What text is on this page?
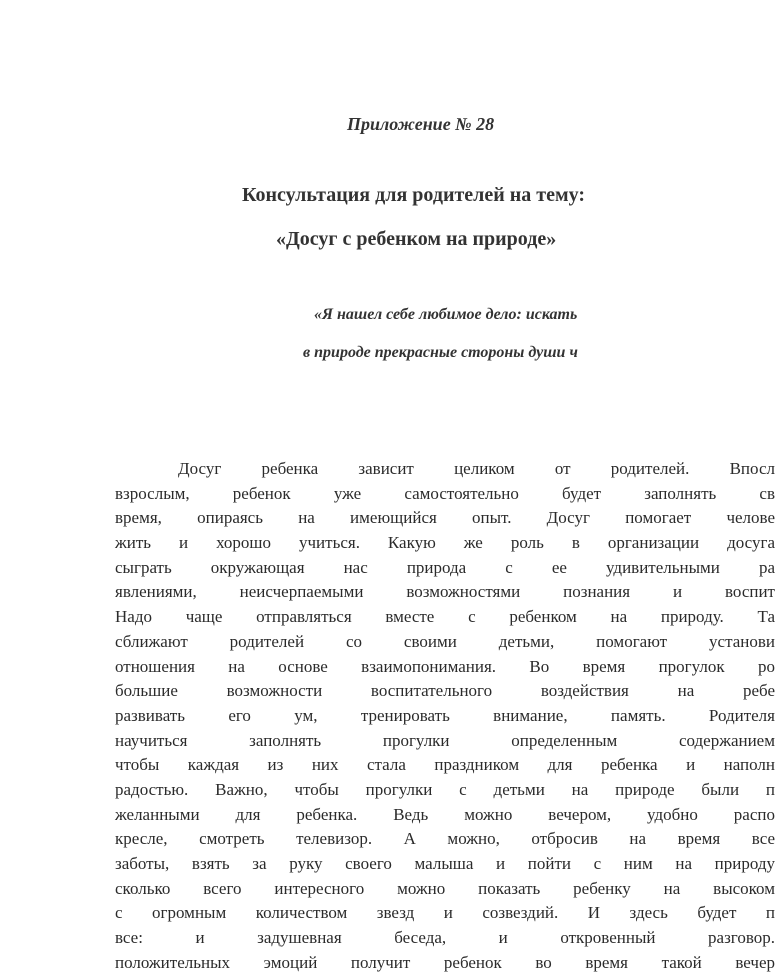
Приложение № 28
Консультация для родителей на тему:
«Досуг с ребенком на природе»
«Я нашел себе любимое дело: искать
в природе прекрасные стороны души ч
Досуг ребенка зависит целиком от родителей. Впосл
взрослым, ребенок уже самостоятельно будет заполнять св
время, опираясь на имеющийся опыт. Досуг помогает челове
жить и хорошо учиться. Какую же роль в организации досуга
сыграть окружающая нас природа с ее удивительными ра
явлениями, неисчерпаемыми возможностями познания и воспит
Надо чаще отправляться вместе с ребенком на природу. Та
сближают родителей со своими детьми, помогают установи
отношения на основе взаимопонимания. Во время прогулок ро
большие возможности воспитательного воздействия на ребе
развивать его ум, тренировать внимание, память. Родителя
научиться заполнять прогулки определенным содержанием
чтобы каждая из них стала праздником для ребенка и наполн
радостью. Важно, чтобы прогулки с детьми на природе были п
желанными для ребенка. Ведь можно вечером, удобно распо
кресле, смотреть телевизор. А можно, отбросив на время все
заботы, взять за руку своего малыша и пойти с ним на природу
сколько всего интересного можно показать ребенку на высоком
с огромным количеством звезд и созвездий. И здесь будет п
все: и задушевная беседа, и откровенный разговор.
положительных эмоций получит ребенок во время такой вечер
